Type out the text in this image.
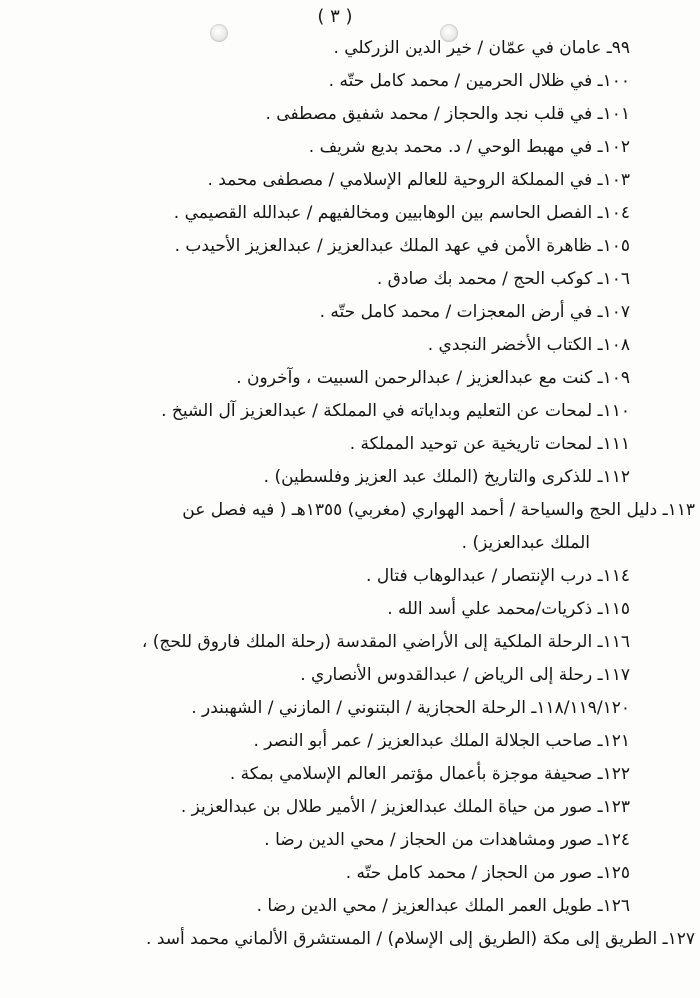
( ٣ )
٩٩ـ عامان في عمّان / خير الدين الزركلي .
١٠٠ـ في ظلال الحرمين / محمد كامل حتّه .
١٠١ـ في قلب نجد والحجاز / محمد شفيق مصطفى .
١٠٢ـ في مهبط الوحي / د. محمد بديع شريف .
١٠٣ـ في المملكة الروحية للعالم الإسلامي / مصطفى محمد .
١٠٤ـ الفصل الحاسم بين الوهابيين ومخالفيهم / عبدالله القصيمي .
١٠٥ـ ظاهرة الأمن في عهد الملك عبدالعزيز / عبدالعزيز الأحيدب .
١٠٦ـ كوكب الحج / محمد بك صادق .
١٠٧ـ في أرض المعجزات / محمد كامل حتّه .
١٠٨ـ الكتاب الأخضر النجدي .
١٠٩ـ كنت مع عبدالعزيز / عبدالرحمن السبيت ، وآخرون .
١١٠ـ لمحات عن التعليم وبداياته في المملكة / عبدالعزيز آل الشيخ .
١١١ـ لمحات تاريخية عن توحيد المملكة .
١١٢ـ للذكرى والتاريخ (الملك عبد العزيز وفلسطين) .
١١٣ـ دليل الحج والسياحة / أحمد الهواري (مغربي) ١٣٥٥هـ ( فيه فصل عن
الملك عبدالعزيز) .
١١٤ـ درب الإنتصار / عبدالوهاب فتال .
١١٥ـ ذكريات/محمد علي أسد الله .
١١٦ـ الرحلة الملكية إلى الأراضي المقدسة (رحلة الملك فاروق للحج) ،
١١٧ـ رحلة إلى الرياض / عبدالقدوس الأنصاري .
١١٨/١١٩/١٢٠ـ الرحلة الحجازية / البتنوني / المازني / الشهبندر .
١٢١ـ صاحب الجلالة الملك عبدالعزيز / عمر أبو النصر .
١٢٢ـ صحيفة موجزة بأعمال مؤتمر العالم الإسلامي بمكة .
١٢٣ـ صور من حياة الملك عبدالعزيز / الأمير طلال بن عبدالعزيز .
١٢٤ـ صور ومشاهدات من الحجاز / محي الدين رضا .
١٢٥ـ صور من الحجاز / محمد كامل حتّه .
١٢٦ـ طويل العمر الملك عبدالعزيز / محي الدين رضا .
١٢٧ـ الطريق إلى مكة (الطريق إلى الإسلام) / المستشرق الألماني محمد أسد .
